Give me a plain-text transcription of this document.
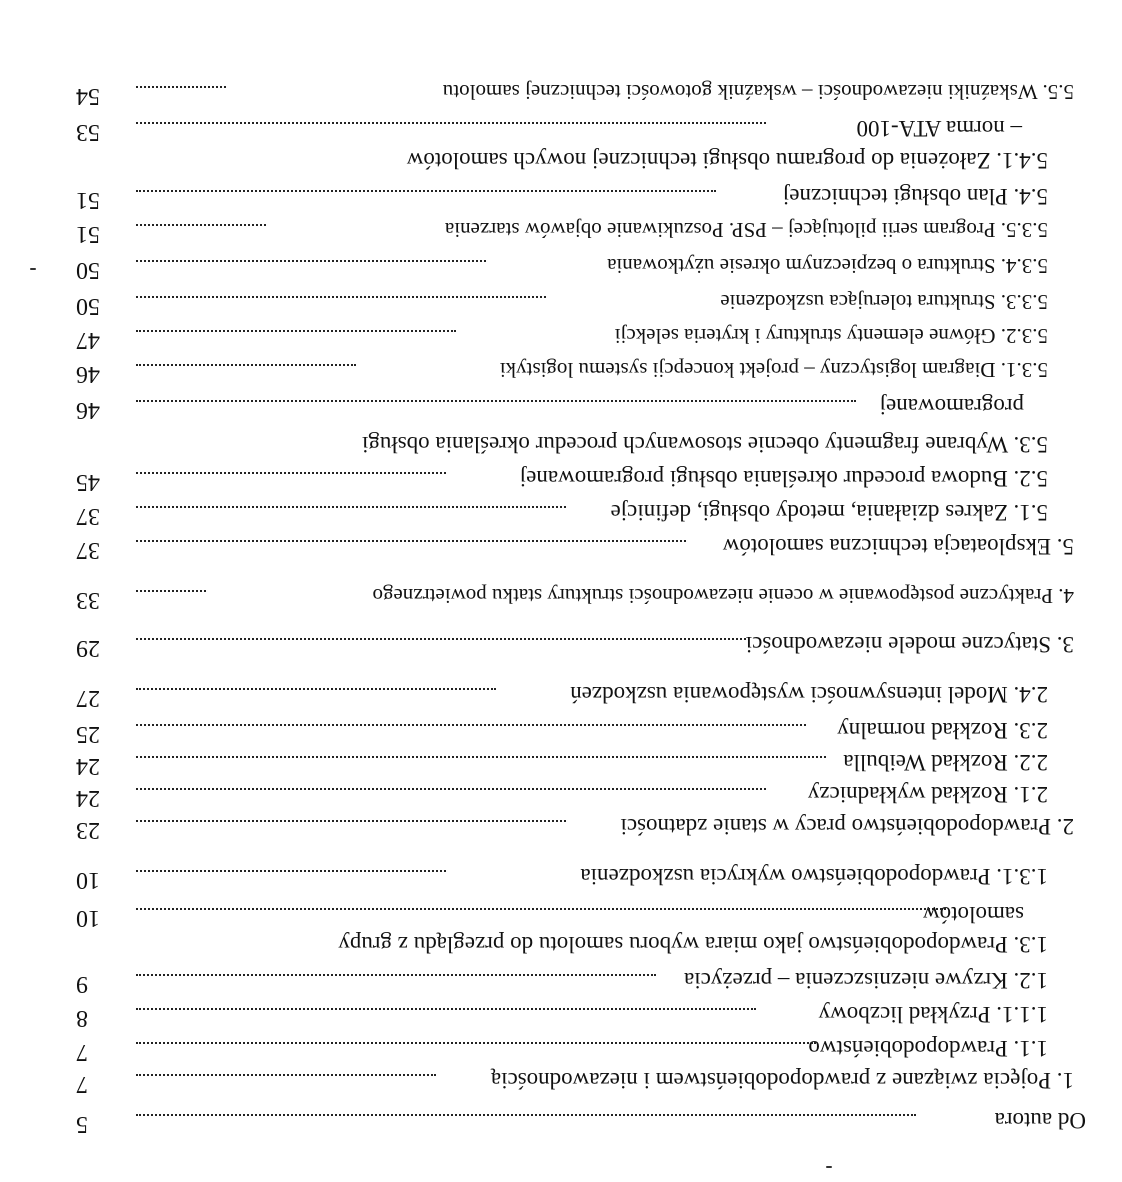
Od autora
5
1. Pojęcia związane z prawdopodobieństwem i niezawodnością
7
1.1. Prawdopodobieństwo
7
1.1.1. Przykład liczbowy
8
1.2. Krzywe niezniszczenia – przeżycia
9
1.3. Prawdopodobieństwo jako miara wyboru samolotu do przeglądu z grupy
samolotów
10
1.3.1. Prawdopodobieństwo wykrycia uszkodzenia
10
2. Prawdopodobieństwo pracy w stanie zdatności
23
2.1. Rozkład wykładniczy
24
2.2. Rozkład Weibulla
24
2.3. Rozkład normalny
25
2.4. Model intensywności występowania uszkodzeń
27
3. Statyczne modele niezawodności
29
4. Praktyczne postępowanie w ocenie niezawodności struktury statku powietrznego
33
5. Eksploatacja techniczna samolotów
37
5.1. Zakres działania, metody obsługi, definicje
37
5.2. Budowa procedur określania obsługi programowanej
45
5.3. Wybrane fragmenty obecnie stosowanych procedur określania obsługi
programowanej
46
5.3.1. Diagram logistyczny – projekt koncepcji systemu logistyki
46
5.3.2. Główne elementy struktury i kryteria selekcji
47
5.3.3. Struktura tolerująca uszkodzenie
50
5.3.4. Struktura o bezpiecznym okresie użytkowania
50
5.3.5. Program serii pilotującej – PSP. Poszukiwanie objawów starzenia
51
5.4. Plan obsługi technicznej
51
5.4.1. Założenia do programu obsługi technicznej nowych samolotów
– norma ATA-100
53
5.5. Wskaźniki niezawodności – wskaźnik gotowości technicznej samolotu
54
